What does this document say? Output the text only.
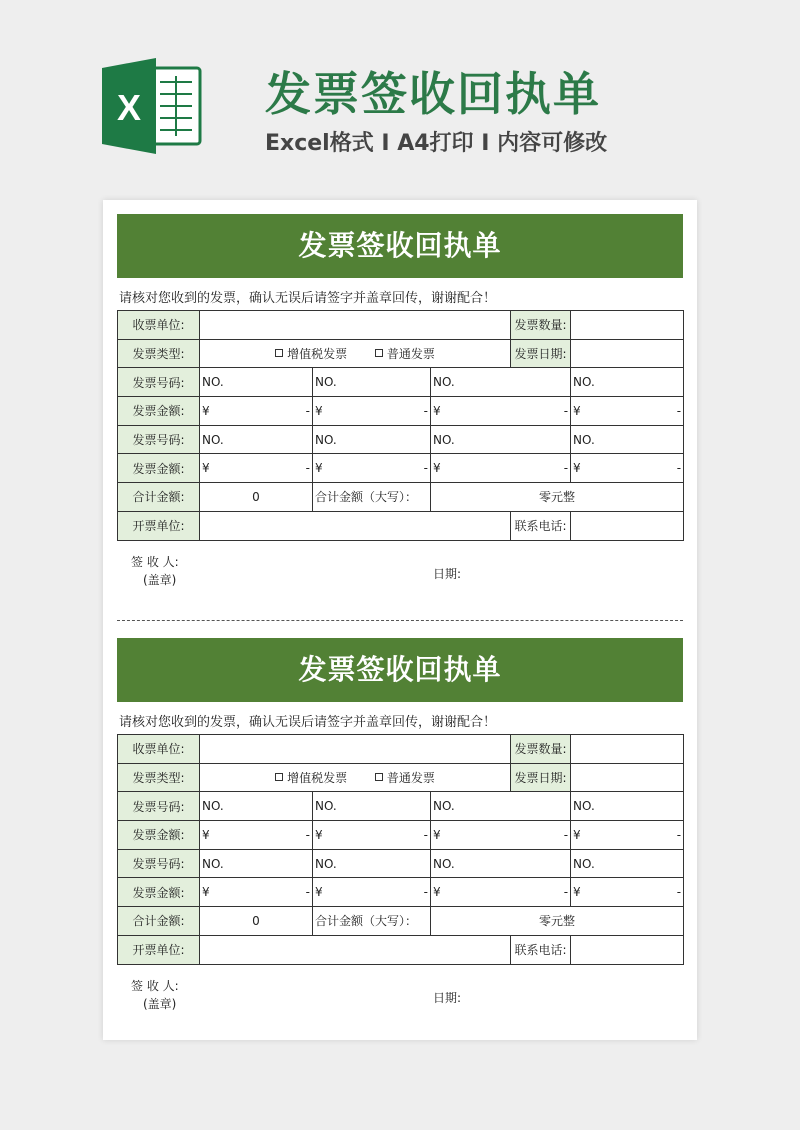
X	发票签收回执单
Excel格式 I A4打印 I 内容可修改
发票签收回执单
请核对您收到的发票，确认无误后请签字并盖章回传，谢谢配合！
收票单位:				发票数量:	
发票类型:	增值税发票 普通发票			发票日期:	
发票号码:	NO.	NO.	NO.		NO.
发票金额:	¥ -	¥ -	¥ -		¥ -

发票号码:	NO.	NO.	NO.		NO.
发票金额:	¥ -	¥ -	¥ -		¥ -

合计金额:	0	合计金额（大写）：	零元整		
开票单位:				联系电话:	
签 收 人:
(盖章)	日期:
发票签收回执单
请核对您收到的发票，确认无误后请签字并盖章回传，谢谢配合！
收票单位:				发票数量:	
发票类型:	增值税发票 普通发票			发票日期:	
发票号码:	NO.	NO.	NO.		NO.
发票金额:	¥ -	¥ -	¥ -		¥ -

发票号码:	NO.	NO.	NO.		NO.
发票金额:	¥ -	¥ -	¥ -		¥ -

合计金额:	0	合计金额（大写）：	零元整		
开票单位:				联系电话:	
签 收 人:
(盖章)	日期:
